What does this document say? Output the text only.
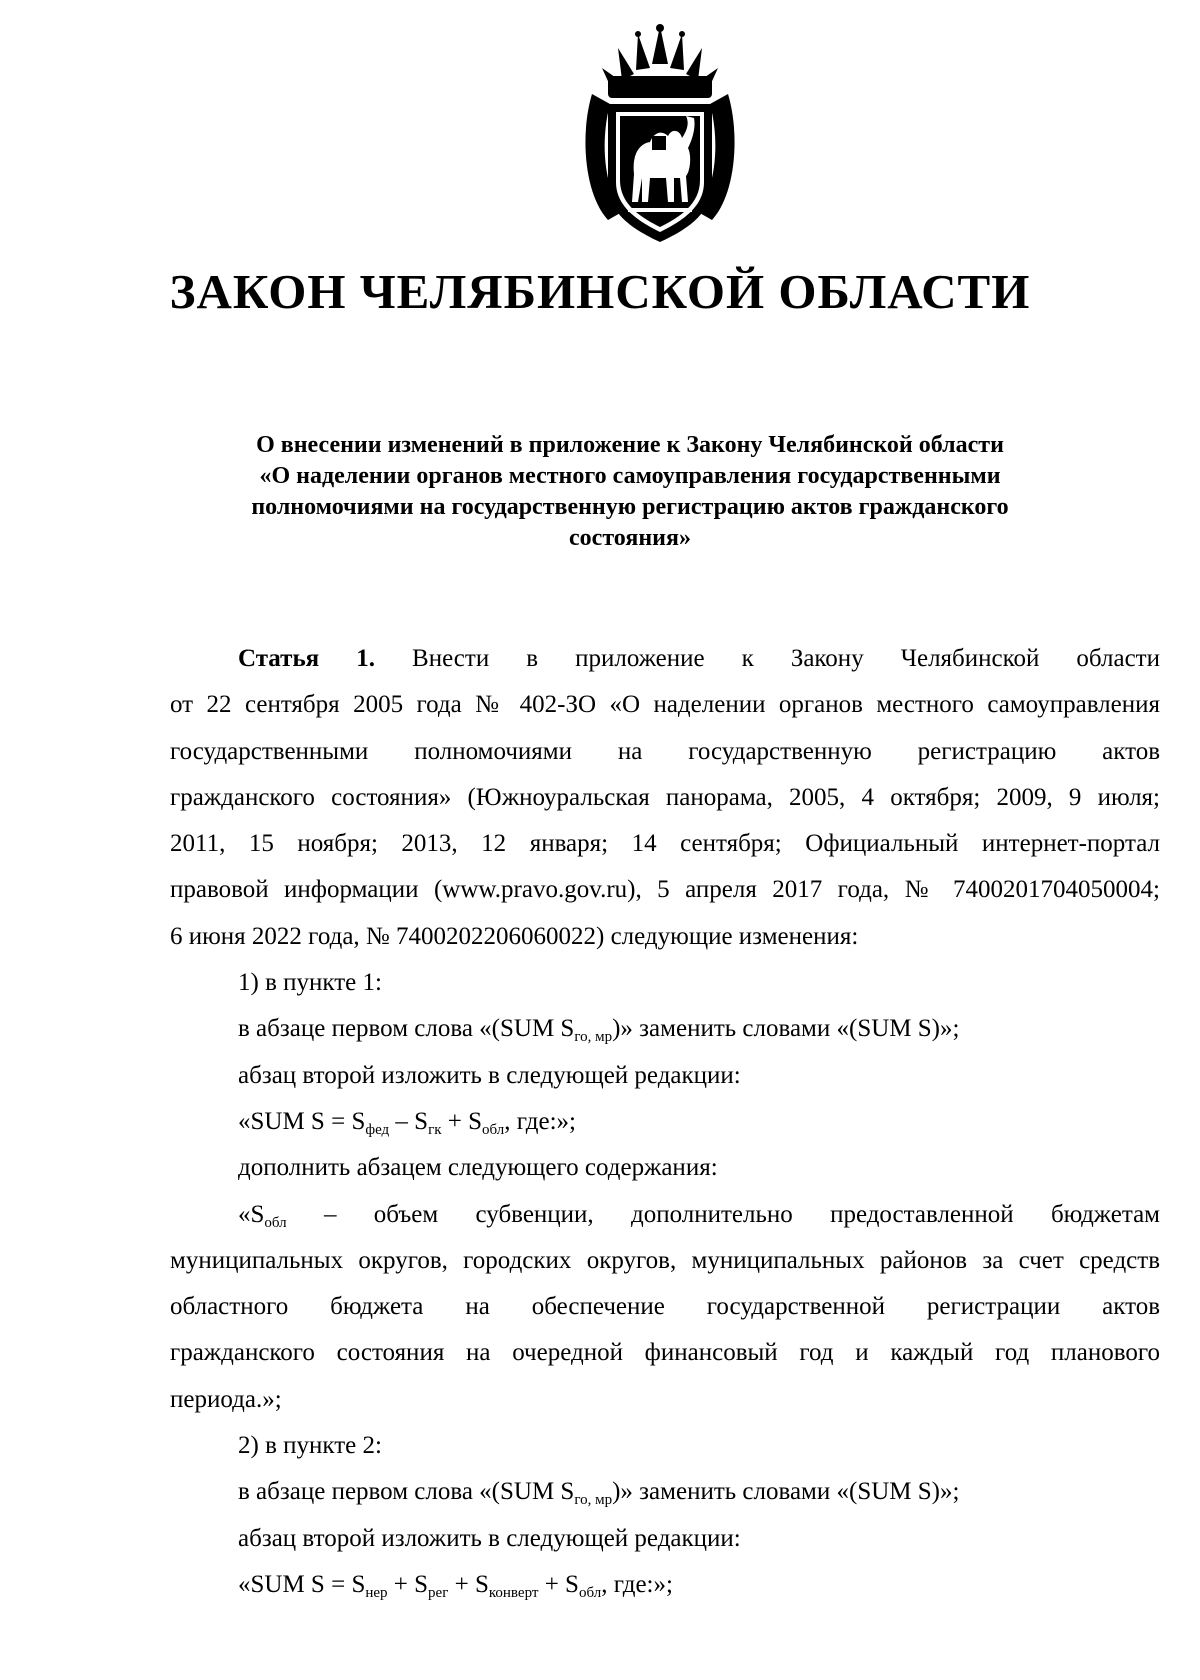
ЗАКОН ЧЕЛЯБИНСКОЙ ОБЛАСТИ
О внесении изменений в приложение к Закону Челябинской области «О наделении органов местного самоуправления государственными полномочиями на государственную регистрацию актов гражданского состояния»

Статья 1. Внести в приложение к Закону Челябинской области

от 22 сентября 2005 года № 402-ЗО «О наделении органов местного самоуправления

государственными полномочиями на государственную регистрацию актов

гражданского состояния» (Южноуральская панорама, 2005, 4 октября; 2009, 9 июля;

2011, 15 ноября; 2013, 12 января; 14 сентября; Официальный интернет-портал

правовой информации (www.pravo.gov.ru), 5 апреля 2017 года, № 7400201704050004;

6 июня 2022 года, № 7400202206060022) следующие изменения:

1) в пункте 1:

в абзаце первом слова «(SUM $S_{го, мр}$)» заменить словами «(SUM S)»;

абзац второй изложить в следующей редакции:

«SUM $S = S_{фед} - S_{гк} + S_{обл}$, где:»;

дополнить абзацем следующего содержания:

«$S_{обл}$ – объем субвенции, дополнительно предоставленной бюджетам

муниципальных округов, городских округов, муниципальных районов за счет средств

областного бюджета на обеспечение государственной регистрации актов

гражданского состояния на очередной финансовый год и каждый год планового

периода.»;

2) в пункте 2:

в абзаце первом слова «(SUM $S_{го, мр}$)» заменить словами «(SUM S)»;

абзац второй изложить в следующей редакции:

«SUM $S = S_{нер} + S_{рег} + S_{конверт} + S_{обл}$, где:»;
